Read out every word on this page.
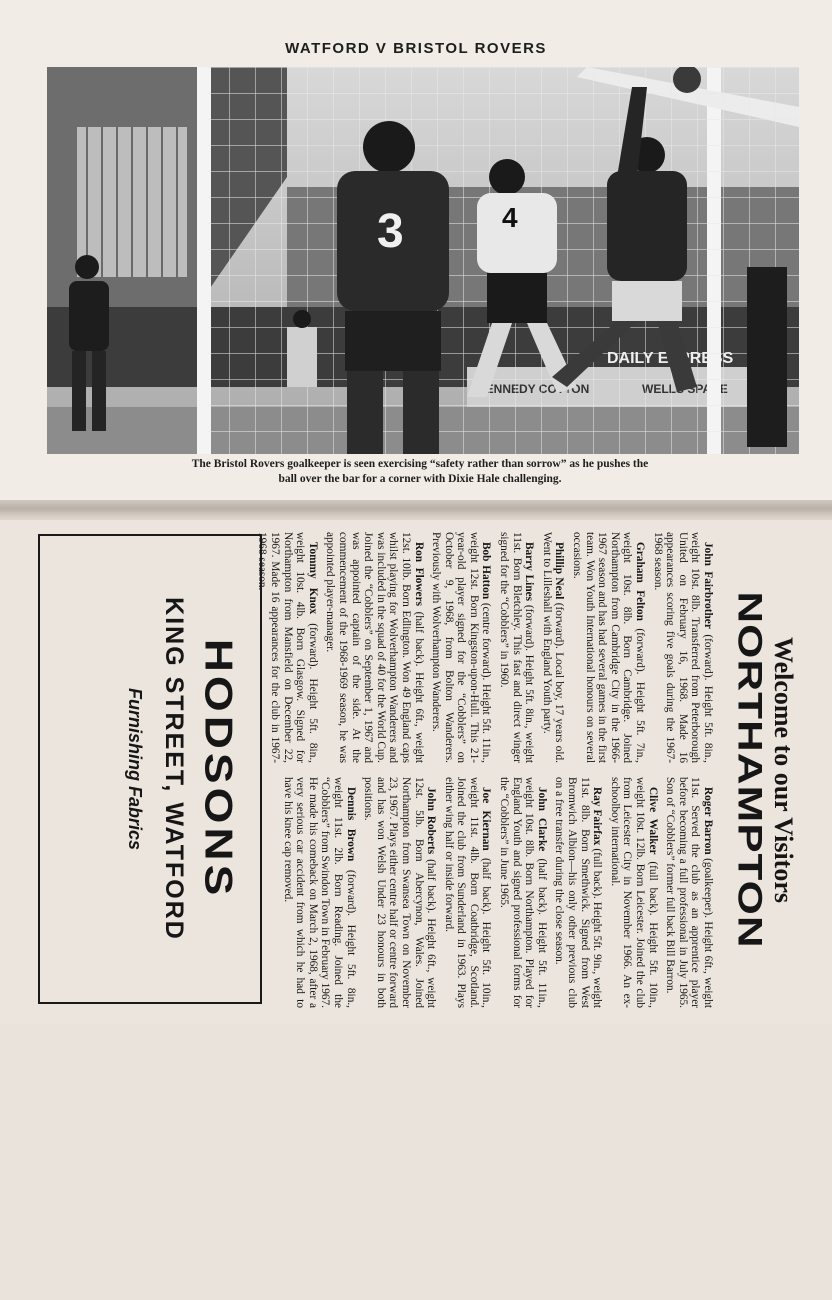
WATFORD V BRISTOL ROVERS
3	4
The Bristol Rovers goalkeeper is seen exercising “safety rather than sorrow” as he pushes the
ball over the bar for a corner with Dixie Hale challenging.
Welcome to our Visitors
NORTHAMPTON

John Fairbrother (forward). Height 5ft. 8in., weight 10st. 8lb. Transferred from Peterborough United on February 16, 1968. Made 16 appearances scoring five goals during the 1967-1968 season.

Graham Felton (forward). Height 5ft. 7in., weight 10st. 8lb. Born Cambridge. Joined Northampton from Cambridge City in the 1966-1967 season and has had several games in the first team. Won Youth International honours on several occasions.

Phillip Neal (forward). Local boy, 17 years old. Went to Lilleshall with England Youth party.

Barry Lines (forward). Height 5ft. 8in., weight 11st. Born Bletchley. This fast and direct winger signed for the “Cobblers” in 1960.

Bob Hatton (centre forward). Height 5ft. 11in., weight 12st. Born Kingston-upon-Hull. This 21-year-old player signed for the “Cobblers” on October 9, 1968, from Bolton Wanderers. Previously with Wolverhampton Wanderers.

Ron Flowers (half back). Height 6ft., weight 12st. 10lb. Born Edlington. Won 49 England caps whilst playing for Wolverhampton Wanderers and was included in the squad of 40 for the World Cup. Joined the “Cobblers” on September 1, 1967 and was appointed captain of the side. At the commencement of the 1968-1969 season, he was appointed player-manager.

Tommy Knox (forward). Height 5ft. 8in., weight 10st. 4lb. Born Glasgow. Signed for Northampton from Mansfield on December 22, 1967. Made 16 appearances for the club in 1967-1968 season.

Roger Barron (goalkeeper). Height 6ft., weight 11st. Served the club as an apprentice player before becoming a full professional in July 1965. Son of “Cobblers” former full back Bill Barron.

Clive Walker (full back). Height 5ft. 10in., weight 10st. 12lb. Born Leicester. Joined the club from Leicester City in November 1966. An ex-schoolboy international.

Ray Fairfax (full back). Height 5ft. 9in., weight 11st. 8lb. Born Smethwick. Signed from West Bromwich Albion—his only other previous club on a free transfer during the close season.

John Clarke (half back). Height 5ft. 11in., weight 10st. 8lb. Born Northampton. Played for England Youth and signed professional forms for the “Cobblers” in June 1965.

Joe Kiernan (half back). Height 5ft. 10in., weight 11st. 4lb. Born Coatbridge, Scotland. Joined the club from Sunderland in 1963. Plays either wing half or inside forward.

John Roberts (half back). Height 6ft., weight 12st. 5lb. Born Abercynon, Wales. Joined Northampton from Swansea Town on November 23, 1967. Plays either centre half or centre forward and has won Welsh Under 23 honours in both positions.

Dennis Brown (forward). Height 5ft. 8in., weight 11st. 2lb. Born Reading. Joined the “Cobblers” from Swindon Town in February 1967. He made his comeback on March 2, 1968, after a very serious car accident from which he had to have his knee cap removed.

HODSONS
KING STREET, WATFORD
Furnishing Fabrics
